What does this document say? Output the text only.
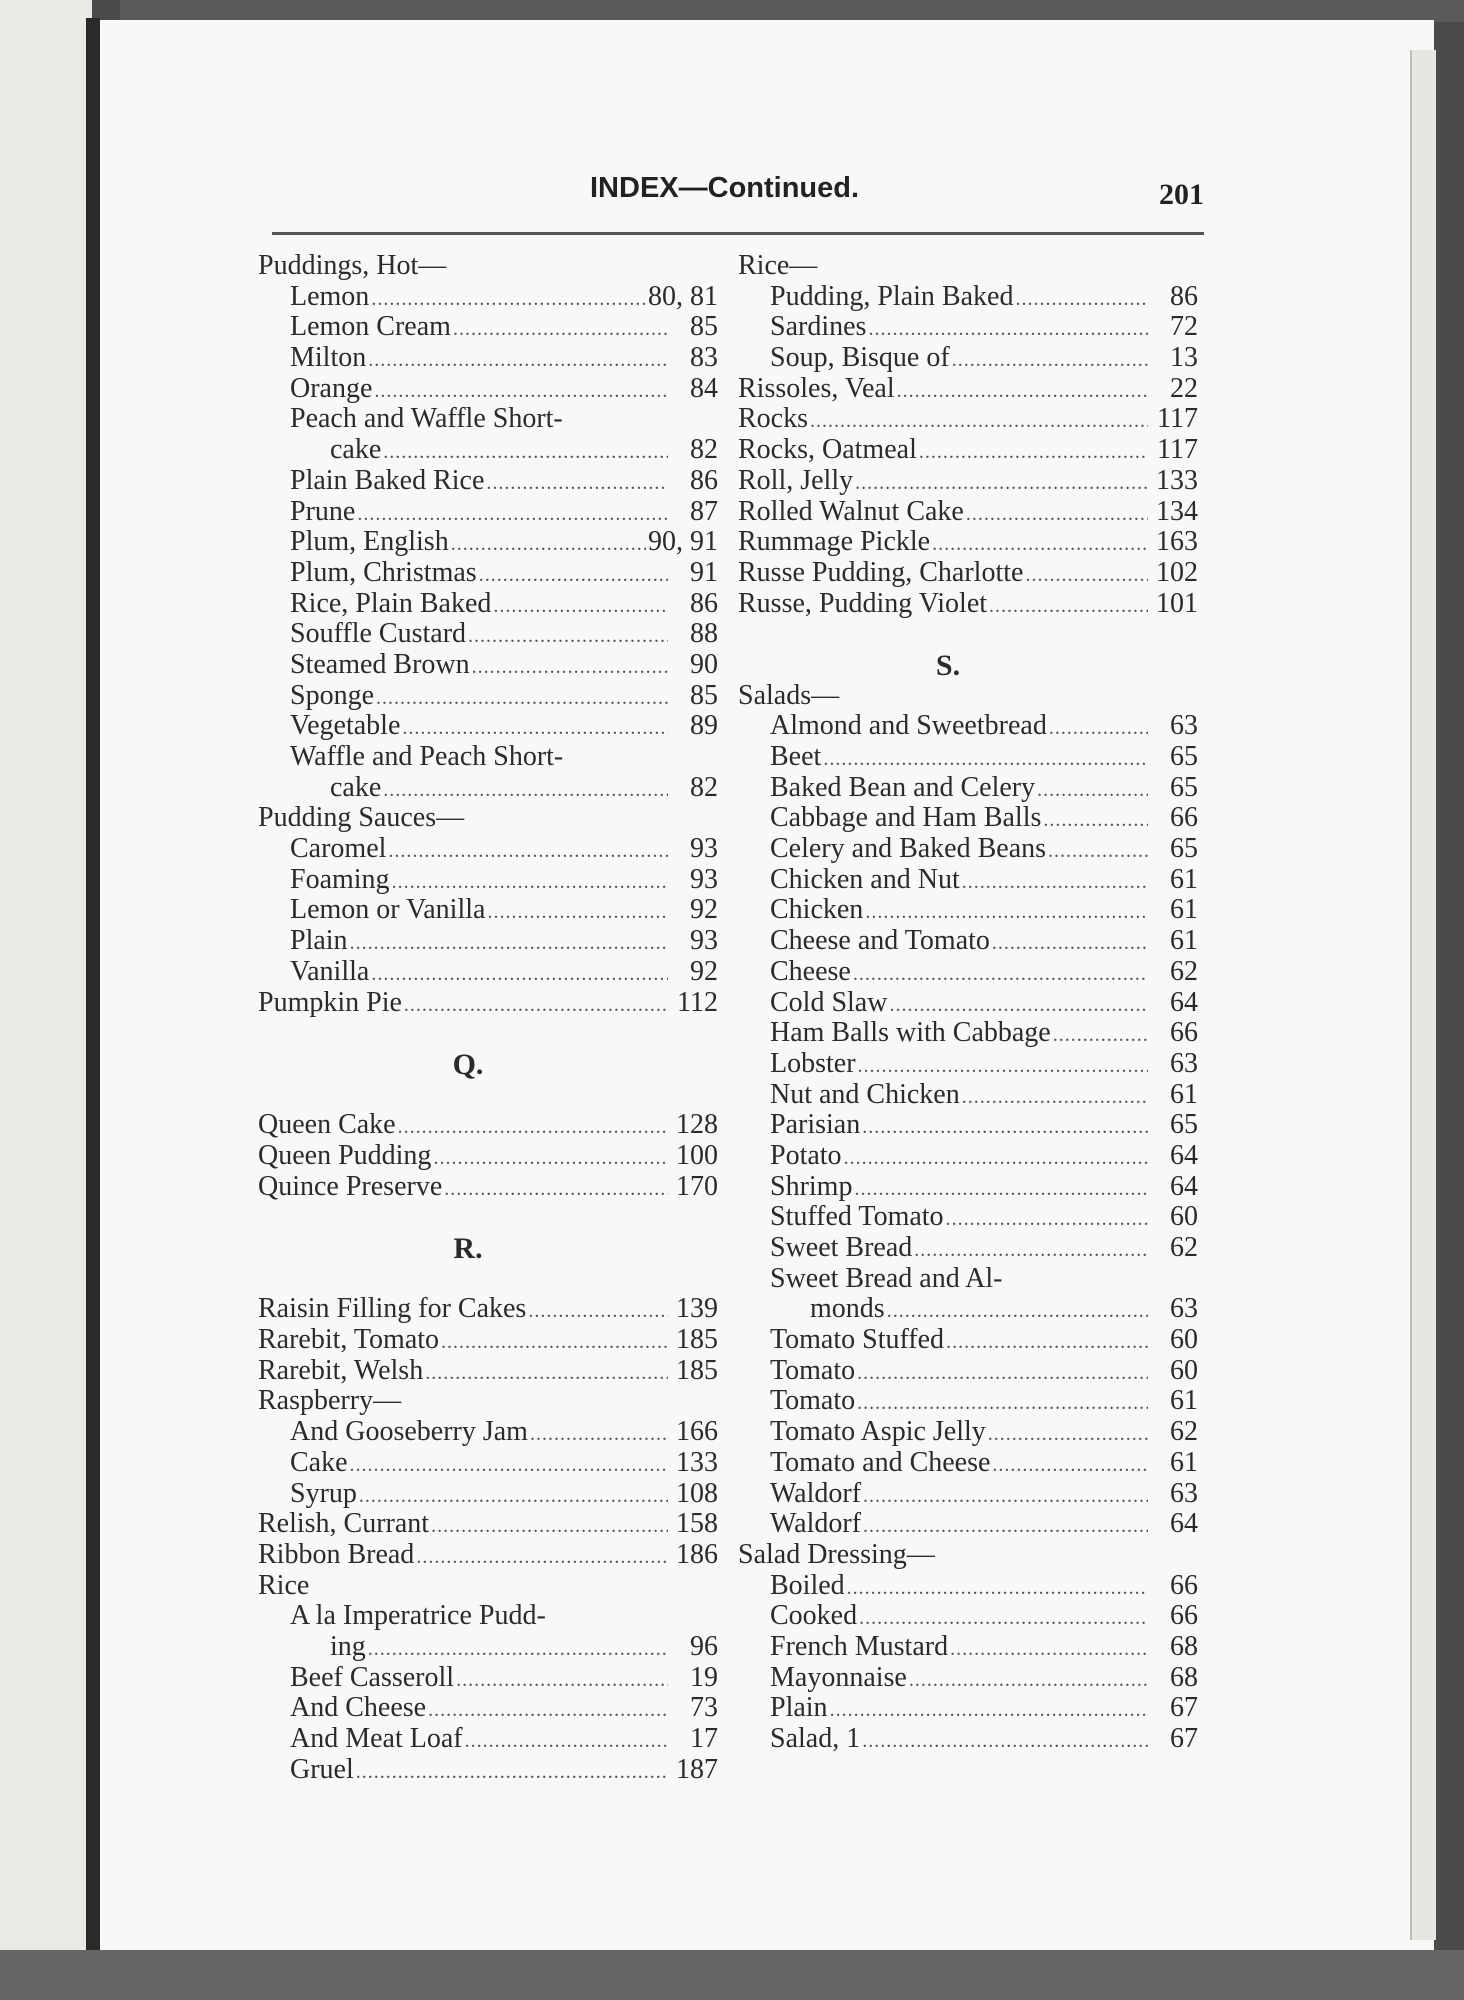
INDEX—Continued.	201
Puddings, Hot—
Lemon .....	80, 81
Lemon Cream .....	85
Milton .....	83
Orange .....	84
Peach and Waffle Short-
cake .....	82
Plain Baked Rice .....	86
Prune .....	87
Plum, English .....	90, 91
Plum, Christmas .....	91
Rice, Plain Baked .....	86
Souffle Custard .....	88
Steamed Brown .....	90
Sponge .....	85
Vegetable .....	89
Waffle and Peach Short-
cake .....	82
Pudding Sauces—
Caromel .....	93
Foaming .....	93
Lemon or Vanilla .....	92
Plain .....	93
Vanilla .....	92
Pumpkin Pie .....	112
Q.
Queen Cake .....	128
Queen Pudding .....	100
Quince Preserve .....	170
R.
Raisin Filling for Cakes .....	139
Rarebit, Tomato .....	185
Rarebit, Welsh .....	185
Raspberry—
And Gooseberry Jam .....	166
Cake .....	133
Syrup .....	108
Relish, Currant .....	158
Ribbon Bread .....	186
Rice
A la Imperatrice Pudd-
ing .....	96
Beef Casseroll .....	19
And Cheese .....	73
And Meat Loaf .....	17
Gruel .....	187
Rice—
Pudding, Plain Baked .....	86
Sardines .....	72
Soup, Bisque of .....	13
Rissoles, Veal .....	22
Rocks .....	117
Rocks, Oatmeal .....	117
Roll, Jelly .....	133
Rolled Walnut Cake .....	134
Rummage Pickle .....	163
Russe Pudding, Charlotte .....	102
Russe, Pudding Violet .....	101
S.
Salads—
Almond and Sweetbread .....	63
Beet .....	65
Baked Bean and Celery .....	65
Cabbage and Ham Balls .....	66
Celery and Baked Beans .....	65
Chicken and Nut .....	61
Chicken .....	61
Cheese and Tomato .....	61
Cheese .....	62
Cold Slaw .....	64
Ham Balls with Cabbage .....	66
Lobster .....	63
Nut and Chicken .....	61
Parisian .....	65
Potato .....	64
Shrimp .....	64
Stuffed Tomato .....	60
Sweet Bread .....	62
Sweet Bread and Al-
monds .....	63
Tomato Stuffed .....	60
Tomato .....	60
Tomato .....	61
Tomato Aspic Jelly .....	62
Tomato and Cheese .....	61
Waldorf .....	63
Waldorf .....	64
Salad Dressing—
Boiled .....	66
Cooked .....	66
French Mustard .....	68
Mayonnaise .....	68
Plain .....	67
Salad, 1 .....	67
